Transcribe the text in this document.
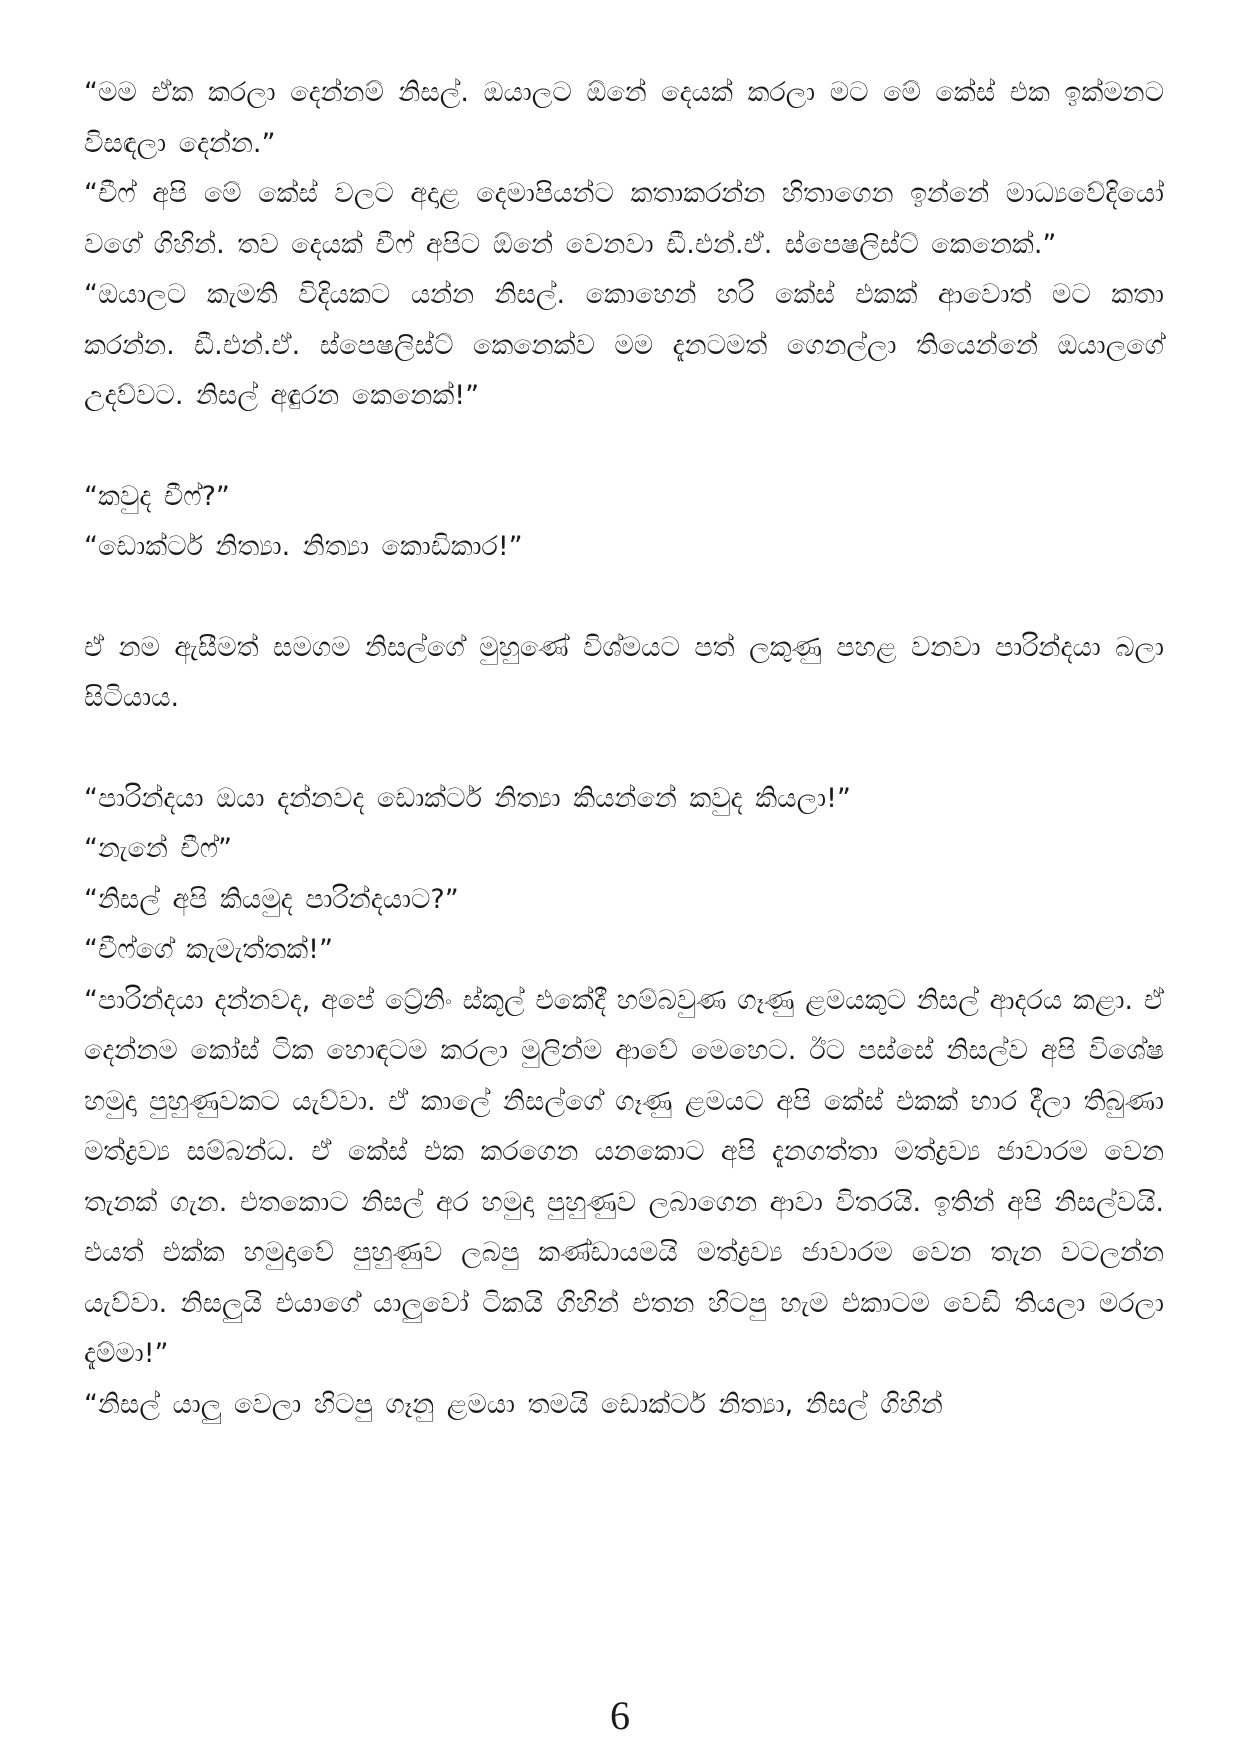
“මම ඒක කරලා දෙන්නම් නිසල්. ඔයාලට ඕනේ දෙයක් කරලා මට මේ කේස් එක ඉක්මනට විසඳලා දෙන්න.”

“චීෆ් අපි මේ කේස් වලට අදාළ දෙමාපියන්ට කතාකරන්න හිතාගෙන ඉන්නේ මාධ්‍යවේදියෝ වගේ ගිහින්. තව දෙයක් චීෆ් අපිට ඕනේ වෙනවා ඩී.එන්.ඒ. ස්පෙෂලිස්ට් කෙනෙක්.”

“ඔයාලට කැමති විදියකට යන්න නිසල්. කොහෙන් හරි කේස් එකක් ආවොත් මට කතා කරන්න. ඩී.එන්.ඒ. ස්පෙෂලිස්ට් කෙනෙක්ව මම දැනටමත් ගෙනල්ලා තියෙන්නේ ඔයාලගේ උදව්වට. නිසල් අඳුරන කෙනෙක්!”

“කවුද චීෆ්?”

“ඩොක්ටර් නිත්‍යා. නිත්‍යා කොඩිකාර!”

ඒ නම ඇසීමත් සමගම නිසල්ගේ මුහුණේ විශ්මයට පත් ලකුණු පහළ වනවා පාරින්දයා බලා සිටියාය.

“පාරින්දයා ඔයා දන්නවද ඩොක්ටර් නිත්‍යා කියන්නේ කවුද කියලා!”

“නැනේ චීෆ්”

“නිසල් අපි කියමුද පාරින්දයාට?”

“චීෆ්ගේ කැමැත්තක්!”

“පාරින්දයා දන්නවද, අපේ ට්‍රේනිං ස්කූල් එකේදී හම්බවුණ ගෑණු ළමයකුට නිසල් ආදරය කළා. ඒ දෙන්නම කෝස් ටික හොඳටම කරලා මුලින්ම ආවේ මෙහෙට. ඊට පස්සේ නිසල්ව අපි විශේෂ හමුදා පුහුණුවකට යැව්වා. ඒ කාලේ නිසල්ගේ ගෑණු ළමයට අපි කේස් එකක් භාර දීලා තිබුණා මත්ද්‍රව්‍ය සම්බන්ධ. ඒ කේස් එක කරගෙන යනකොට අපි දැනගත්තා මත්ද්‍රව්‍ය ජාවාරම වෙන තැනක් ගැන. එතකොට නිසල් අර හමුදා පුහුණුව ලබාගෙන ආවා විතරයි. ඉතින් අපි නිසල්වයි. එයත් එක්ක හමුදාවේ පුහුණුව ලබපු කණ්ඩායමයි මත්ද්‍රව්‍ය ජාවාරම වෙන තැන වටලන්න යැව්වා. නිසලුයි එයාගේ යාලුවෝ ටිකයි ගිහින් එතන හිටපු හැම එකාටම වෙඩි තියලා මරලා දැම්මා!”

“නිසල් යාලු වෙලා හිටපු ගෑනු ළමයා තමයි ඩොක්ටර් නිත්‍යා, නිසල් ගිහින්

6
